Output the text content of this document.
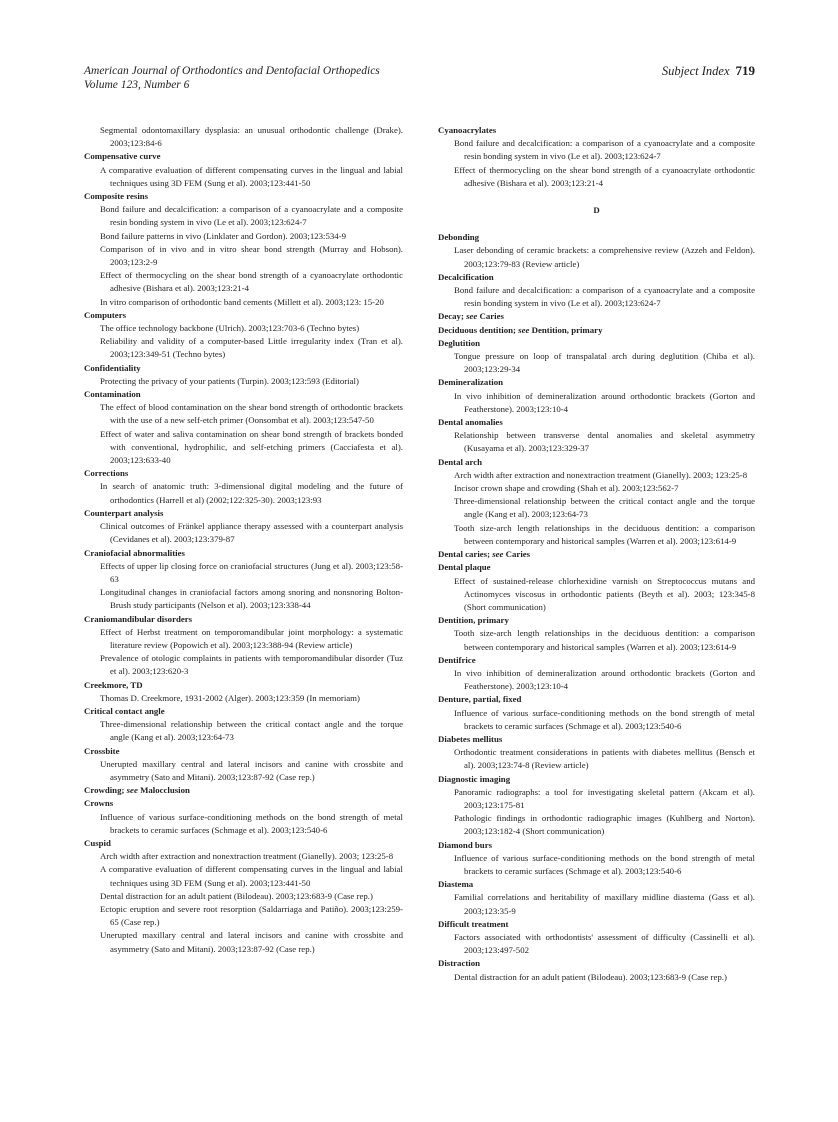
American Journal of Orthodontics and Dentofacial Orthopedics
Volume 123, Number 6
Subject Index 719
Segmental odontomaxillary dysplasia: an unusual orthodontic challenge (Drake). 2003;123:84-6
Compensative curve
A comparative evaluation of different compensating curves in the lingual and labial techniques using 3D FEM (Sung et al). 2003;123:441-50
Composite resins
Bond failure and decalcification: a comparison of a cyanoacrylate and a composite resin bonding system in vivo (Le et al). 2003;123:624-7
Bond failure patterns in vivo (Linklater and Gordon). 2003;123:534-9
Comparison of in vivo and in vitro shear bond strength (Murray and Hobson). 2003;123:2-9
Effect of thermocycling on the shear bond strength of a cyanoacrylate orthodontic adhesive (Bishara et al). 2003;123:21-4
In vitro comparison of orthodontic band cements (Millett et al). 2003;123: 15-20
Computers
The office technology backbone (Ulrich). 2003;123:703-6 (Techno bytes)
Reliability and validity of a computer-based Little irregularity index (Tran et al). 2003;123:349-51 (Techno bytes)
Confidentiality
Protecting the privacy of your patients (Turpin). 2003;123:593 (Editorial)
Contamination
The effect of blood contamination on the shear bond strength of orthodontic brackets with the use of a new self-etch primer (Oonsombat et al). 2003;123:547-50
Effect of water and saliva contamination on shear bond strength of brackets bonded with conventional, hydrophilic, and self-etching primers (Cacciafesta et al). 2003;123:633-40
Corrections
In search of anatomic truth: 3-dimensional digital modeling and the future of orthodontics (Harrell et al) (2002;122:325-30). 2003;123:93
Counterpart analysis
Clinical outcomes of Fränkel appliance therapy assessed with a counterpart analysis (Cevidanes et al). 2003;123:379-87
Craniofacial abnormalities
Effects of upper lip closing force on craniofacial structures (Jung et al). 2003;123:58-63
Longitudinal changes in craniofacial factors among snoring and nonsnoring Bolton-Brush study participants (Nelson et al). 2003;123:338-44
Craniomandibular disorders
Effect of Herbst treatment on temporomandibular joint morphology: a systematic literature review (Popowich et al). 2003;123:388-94 (Review article)
Prevalence of otologic complaints in patients with temporomandibular disorder (Tuz et al). 2003;123:620-3
Creekmore, TD
Thomas D. Creekmore, 1931-2002 (Alger). 2003;123:359 (In memoriam)
Critical contact angle
Three-dimensional relationship between the critical contact angle and the torque angle (Kang et al). 2003;123:64-73
Crossbite
Unerupted maxillary central and lateral incisors and canine with crossbite and asymmetry (Sato and Mitani). 2003;123:87-92 (Case rep.)
Crowding; see Malocclusion
Crowns
Influence of various surface-conditioning methods on the bond strength of metal brackets to ceramic surfaces (Schmage et al). 2003;123:540-6
Cuspid
Arch width after extraction and nonextraction treatment (Gianelly). 2003; 123:25-8
A comparative evaluation of different compensating curves in the lingual and labial techniques using 3D FEM (Sung et al). 2003;123:441-50
Dental distraction for an adult patient (Bilodeau). 2003;123:683-9 (Case rep.)
Ectopic eruption and severe root resorption (Saldarriaga and Patiño). 2003;123:259-65 (Case rep.)
Unerupted maxillary central and lateral incisors and canine with crossbite and asymmetry (Sato and Mitani). 2003;123:87-92 (Case rep.)
Cyanoacrylates
Bond failure and decalcification: a comparison of a cyanoacrylate and a composite resin bonding system in vivo (Le et al). 2003;123:624-7
Effect of thermocycling on the shear bond strength of a cyanoacrylate orthodontic adhesive (Bishara et al). 2003;123:21-4
D
Debonding
Laser debonding of ceramic brackets: a comprehensive review (Azzeh and Feldon). 2003;123:79-83 (Review article)
Decalcification
Bond failure and decalcification: a comparison of a cyanoacrylate and a composite resin bonding system in vivo (Le et al). 2003;123:624-7
Decay; see Caries
Deciduous dentition; see Dentition, primary
Deglutition
Tongue pressure on loop of transpalatal arch during deglutition (Chiba et al). 2003;123:29-34
Demineralization
In vivo inhibition of demineralization around orthodontic brackets (Gorton and Featherstone). 2003;123:10-4
Dental anomalies
Relationship between transverse dental anomalies and skeletal asymmetry (Kusayama et al). 2003;123:329-37
Dental arch
Arch width after extraction and nonextraction treatment (Gianelly). 2003; 123:25-8
Incisor crown shape and crowding (Shah et al). 2003;123:562-7
Three-dimensional relationship between the critical contact angle and the torque angle (Kang et al). 2003;123:64-73
Tooth size-arch length relationships in the deciduous dentition: a comparison between contemporary and historical samples (Warren et al). 2003;123:614-9
Dental caries; see Caries
Dental plaque
Effect of sustained-release chlorhexidine varnish on Streptococcus mutans and Actinomyces viscosus in orthodontic patients (Beyth et al). 2003; 123:345-8 (Short communication)
Dentition, primary
Tooth size-arch length relationships in the deciduous dentition: a comparison between contemporary and historical samples (Warren et al). 2003;123:614-9
Dentifrice
In vivo inhibition of demineralization around orthodontic brackets (Gorton and Featherstone). 2003;123:10-4
Denture, partial, fixed
Influence of various surface-conditioning methods on the bond strength of metal brackets to ceramic surfaces (Schmage et al). 2003;123:540-6
Diabetes mellitus
Orthodontic treatment considerations in patients with diabetes mellitus (Bensch et al). 2003;123:74-8 (Review article)
Diagnostic imaging
Panoramic radiographs: a tool for investigating skeletal pattern (Akcam et al). 2003;123:175-81
Pathologic findings in orthodontic radiographic images (Kuhlberg and Norton). 2003;123:182-4 (Short communication)
Diamond burs
Influence of various surface-conditioning methods on the bond strength of metal brackets to ceramic surfaces (Schmage et al). 2003;123:540-6
Diastema
Familial correlations and heritability of maxillary midline diastema (Gass et al). 2003;123:35-9
Difficult treatment
Factors associated with orthodontists' assessment of difficulty (Cassinelli et al). 2003;123:497-502
Distraction
Dental distraction for an adult patient (Bilodeau). 2003;123:683-9 (Case rep.)
